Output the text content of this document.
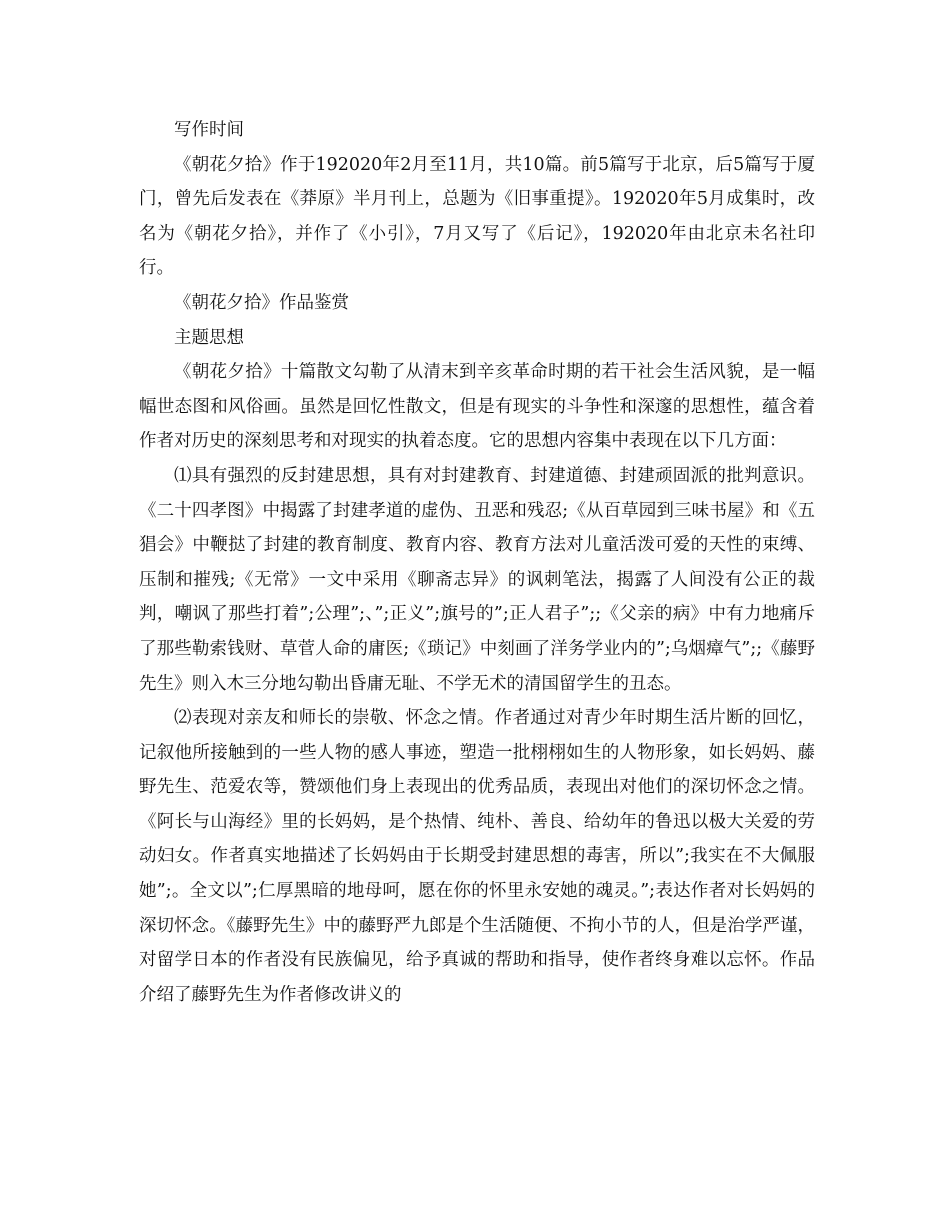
写作时间

《朝花夕拾》作于192020年2月至11月，共10篇。前5篇写于北京，后5篇写于厦门，曾先后发表在《莽原》半月刊上，总题为《旧事重提》。192020年5月成集时，改名为《朝花夕拾》，并作了《小引》，7月又写了《后记》，192020年由北京未名社印行。

《朝花夕拾》作品鉴赏

主题思想

《朝花夕拾》十篇散文勾勒了从清末到辛亥革命时期的若干社会生活风貌，是一幅幅世态图和风俗画。虽然是回忆性散文，但是有现实的斗争性和深邃的思想性，蕴含着作者对历史的深刻思考和对现实的执着态度。它的思想内容集中表现在以下几方面：

⑴具有强烈的反封建思想，具有对封建教育、封建道德、封建顽固派的批判意识。《二十四孝图》中揭露了封建孝道的虚伪、丑恶和残忍;《从百草园到三味书屋》和《五猖会》中鞭挞了封建的教育制度、教育内容、教育方法对儿童活泼可爱的天性的束缚、压制和摧残;《无常》一文中采用《聊斋志异》的讽刺笔法，揭露了人间没有公正的裁判，嘲讽了那些打着”;公理”;、”;正义”;旗号的”;正人君子”;;《父亲的病》中有力地痛斥了那些勒索钱财、草菅人命的庸医;《琐记》中刻画了洋务学业内的”;乌烟瘴气”;;《藤野先生》则入木三分地勾勒出昏庸无耻、不学无术的清国留学生的丑态。

⑵表现对亲友和师长的崇敬、怀念之情。作者通过对青少年时期生活片断的回忆，记叙他所接触到的一些人物的感人事迹，塑造一批栩栩如生的人物形象，如长妈妈、藤野先生、范爱农等，赞颂他们身上表现出的优秀品质，表现出对他们的深切怀念之情。《阿长与山海经》里的长妈妈，是个热情、纯朴、善良、给幼年的鲁迅以极大关爱的劳动妇女。作者真实地描述了长妈妈由于长期受封建思想的毒害，所以”;我实在不大佩服她”;。全文以”;仁厚黑暗的地母呵，愿在你的怀里永安她的魂灵。”;表达作者对长妈妈的深切怀念。《藤野先生》中的藤野严九郎是个生活随便、不拘小节的人，但是治学严谨，对留学日本的作者没有民族偏见，给予真诚的帮助和指导，使作者终身难以忘怀。作品介绍了藤野先生为作者修改讲义的
